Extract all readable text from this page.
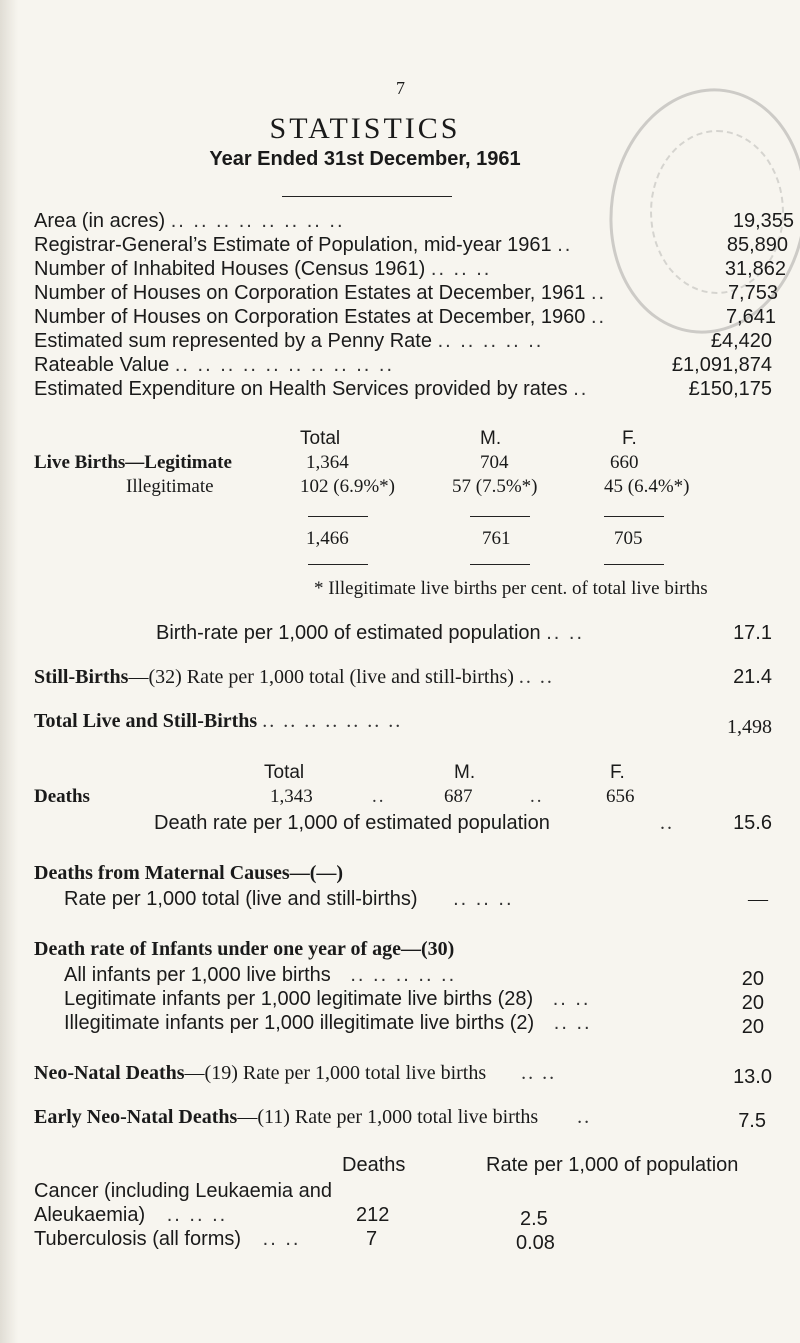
7
STATISTICS
Year Ended 31st December, 1961
Area (in acres) .. .. .. .. .. .. .. ..	19,355
Registrar-General’s Estimate of Population, mid-year 1961 ..	85,890
Number of Inhabited Houses (Census 1961) .. .. ..	31,862
Number of Houses on Corporation Estates at December, 1961 ..	7,753
Number of Houses on Corporation Estates at December, 1960 ..	7,641
Estimated sum represented by a Penny Rate .. .. .. .. ..	£4,420
Rateable Value .. .. .. .. .. .. .. .. .. ..	£1,091,874
Estimated Expenditure on Health Services provided by rates ..	£150,175
Total	M.	F.
Live Births—Legitimate	1,364	704	660
Illegitimate	102 (6.9%*)	57 (7.5%*)	45 (6.4%*)
1,466	761	705
* Illegitimate live births per cent. of total live births
Birth-rate per 1,000 of estimated population .. ..	17.1
Still-Births—(32) Rate per 1,000 total (live and still-births) .. ..	21.4
Total Live and Still-Births .. .. .. .. .. .. ..	1,498
Total	M.	F.
Deaths	1,343	..	687	..	656
Death rate per 1,000 of estimated population	..	15.6
Deaths from Maternal Causes—(—)
Rate per 1,000 total (live and still-births) .. .. ..	—
Death rate of Infants under one year of age—(30)
All infants per 1,000 live births .. .. .. .. ..	20
Legitimate infants per 1,000 legitimate live births (28) .. ..	20
Illegitimate infants per 1,000 illegitimate live births (2) .. ..	20
Neo-Natal Deaths—(19) Rate per 1,000 total live births .. ..	13.0
Early Neo-Natal Deaths—(11) Rate per 1,000 total live births ..	7.5
Deaths	Rate per 1,000 of population
Cancer (including Leukaemia and
Aleukaemia) .. .. ..	212	2.5
Tuberculosis (all forms) .. ..	7	0.08
